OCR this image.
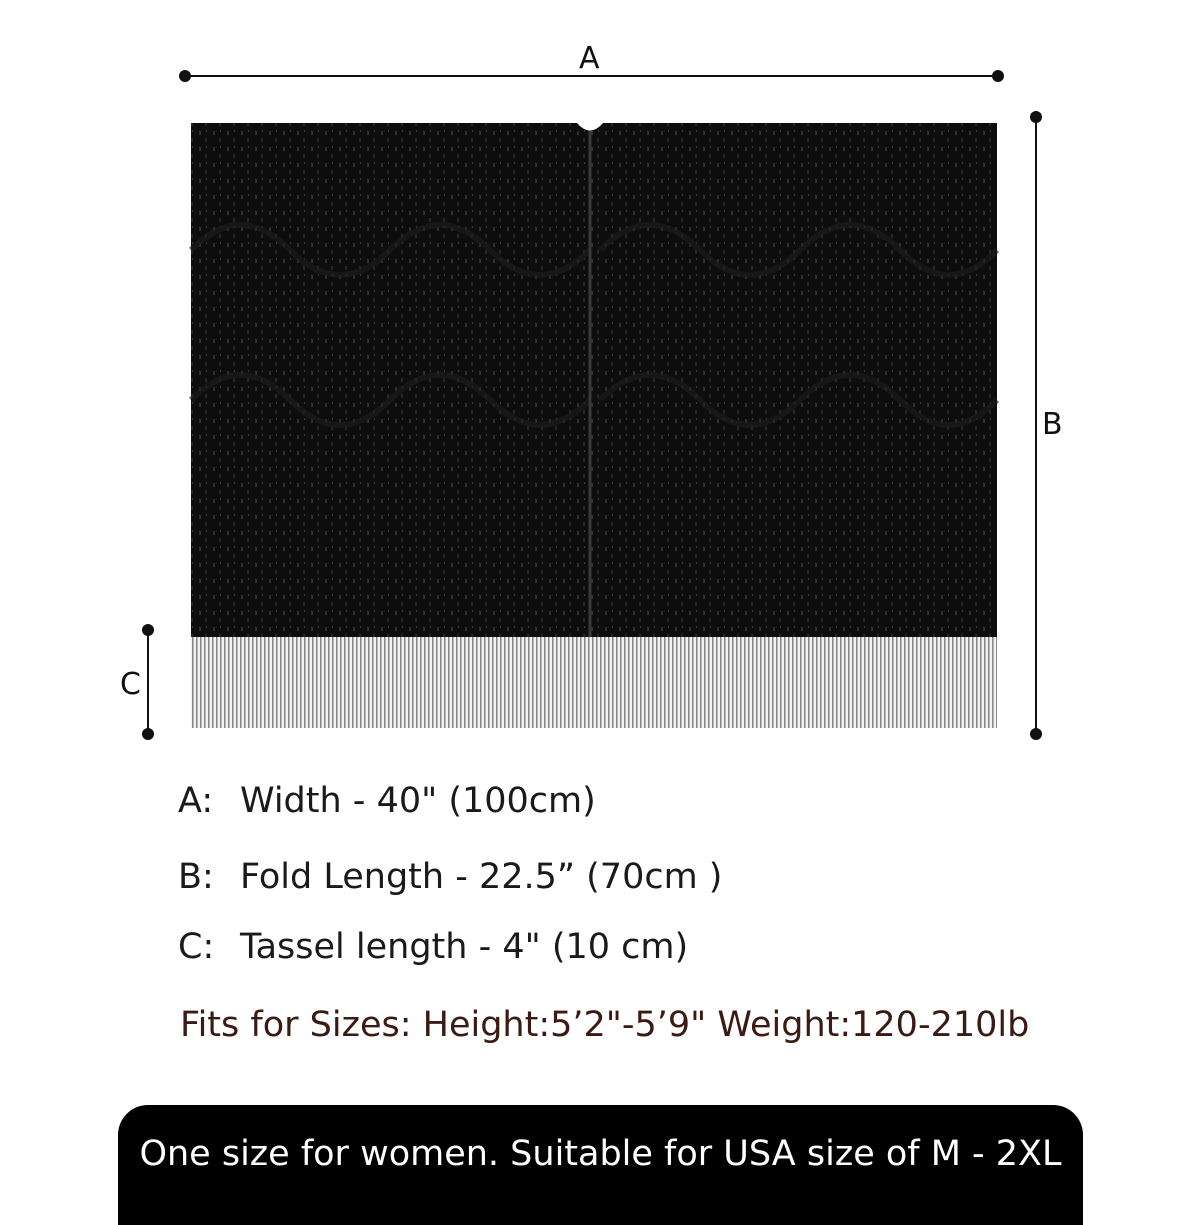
A
B
C
A: Width - 40" (100cm)
B: Fold Length - 22.5” (70cm )
C: Tassel length - 4" (10 cm)
Fits for Sizes: Height:5’2"-5’9" Weight:120-210lb
One size for women. Suitable for USA size of M - 2XL
